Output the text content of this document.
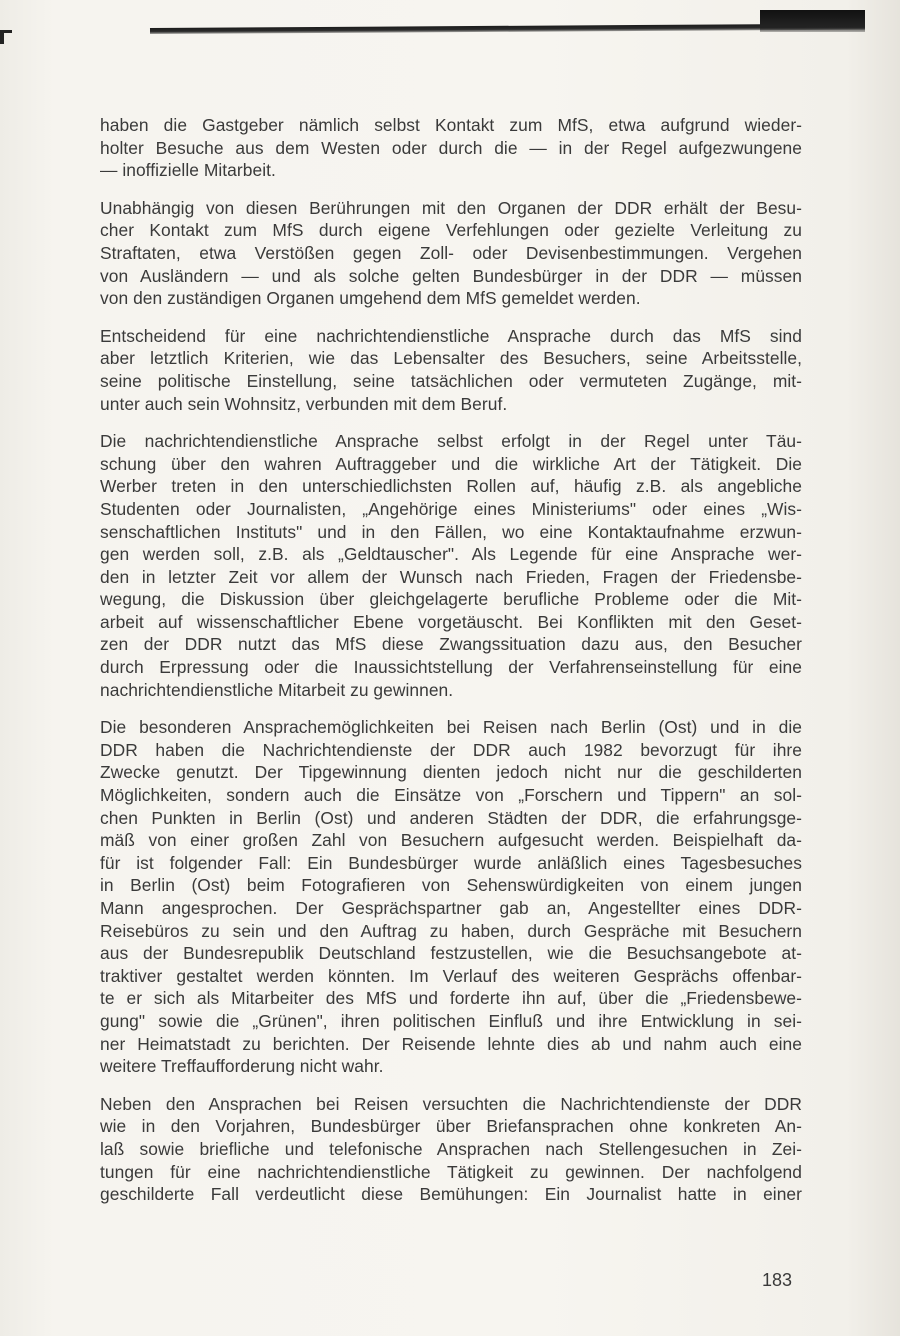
haben die Gastgeber nämlich selbst Kontakt zum MfS, etwa aufgrund wieder-
holter Besuche aus dem Westen oder durch die — in der Regel aufgezwungene
— inoffizielle Mitarbeit.

Unabhängig von diesen Berührungen mit den Organen der DDR erhält der Besu-
cher Kontakt zum MfS durch eigene Verfehlungen oder gezielte Verleitung zu
Straftaten, etwa Verstößen gegen Zoll- oder Devisenbestimmungen. Vergehen
von Ausländern — und als solche gelten Bundesbürger in der DDR — müssen
von den zuständigen Organen umgehend dem MfS gemeldet werden.

Entscheidend für eine nachrichtendienstliche Ansprache durch das MfS sind
aber letztlich Kriterien, wie das Lebensalter des Besuchers, seine Arbeitsstelle,
seine politische Einstellung, seine tatsächlichen oder vermuteten Zugänge, mit-
unter auch sein Wohnsitz, verbunden mit dem Beruf.

Die nachrichtendienstliche Ansprache selbst erfolgt in der Regel unter Täu-
schung über den wahren Auftraggeber und die wirkliche Art der Tätigkeit. Die
Werber treten in den unterschiedlichsten Rollen auf, häufig z.B. als angebliche
Studenten oder Journalisten, „Angehörige eines Ministeriums" oder eines „Wis-
senschaftlichen Instituts" und in den Fällen, wo eine Kontaktaufnahme erzwun-
gen werden soll, z.B. als „Geldtauscher". Als Legende für eine Ansprache wer-
den in letzter Zeit vor allem der Wunsch nach Frieden, Fragen der Friedensbe-
wegung, die Diskussion über gleichgelagerte berufliche Probleme oder die Mit-
arbeit auf wissenschaftlicher Ebene vorgetäuscht. Bei Konflikten mit den Geset-
zen der DDR nutzt das MfS diese Zwangssituation dazu aus, den Besucher
durch Erpressung oder die Inaussichtstellung der Verfahrenseinstellung für eine
nachrichtendienstliche Mitarbeit zu gewinnen.

Die besonderen Ansprachemöglichkeiten bei Reisen nach Berlin (Ost) und in die
DDR haben die Nachrichtendienste der DDR auch 1982 bevorzugt für ihre
Zwecke genutzt. Der Tipgewinnung dienten jedoch nicht nur die geschilderten
Möglichkeiten, sondern auch die Einsätze von „Forschern und Tippern" an sol-
chen Punkten in Berlin (Ost) und anderen Städten der DDR, die erfahrungsge-
mäß von einer großen Zahl von Besuchern aufgesucht werden. Beispielhaft da-
für ist folgender Fall: Ein Bundesbürger wurde anläßlich eines Tagesbesuches
in Berlin (Ost) beim Fotografieren von Sehenswürdigkeiten von einem jungen
Mann angesprochen. Der Gesprächspartner gab an, Angestellter eines DDR-
Reisebüros zu sein und den Auftrag zu haben, durch Gespräche mit Besuchern
aus der Bundesrepublik Deutschland festzustellen, wie die Besuchsangebote at-
traktiver gestaltet werden könnten. Im Verlauf des weiteren Gesprächs offenbar-
te er sich als Mitarbeiter des MfS und forderte ihn auf, über die „Friedensbewe-
gung" sowie die „Grünen", ihren politischen Einfluß und ihre Entwicklung in sei-
ner Heimatstadt zu berichten. Der Reisende lehnte dies ab und nahm auch eine
weitere Treffaufforderung nicht wahr.

Neben den Ansprachen bei Reisen versuchten die Nachrichtendienste der DDR
wie in den Vorjahren, Bundesbürger über Briefansprachen ohne konkreten An-
laß sowie briefliche und telefonische Ansprachen nach Stellengesuchen in Zei-
tungen für eine nachrichtendienstliche Tätigkeit zu gewinnen. Der nachfolgend
geschilderte Fall verdeutlicht diese Bemühungen: Ein Journalist hatte in einer

183
